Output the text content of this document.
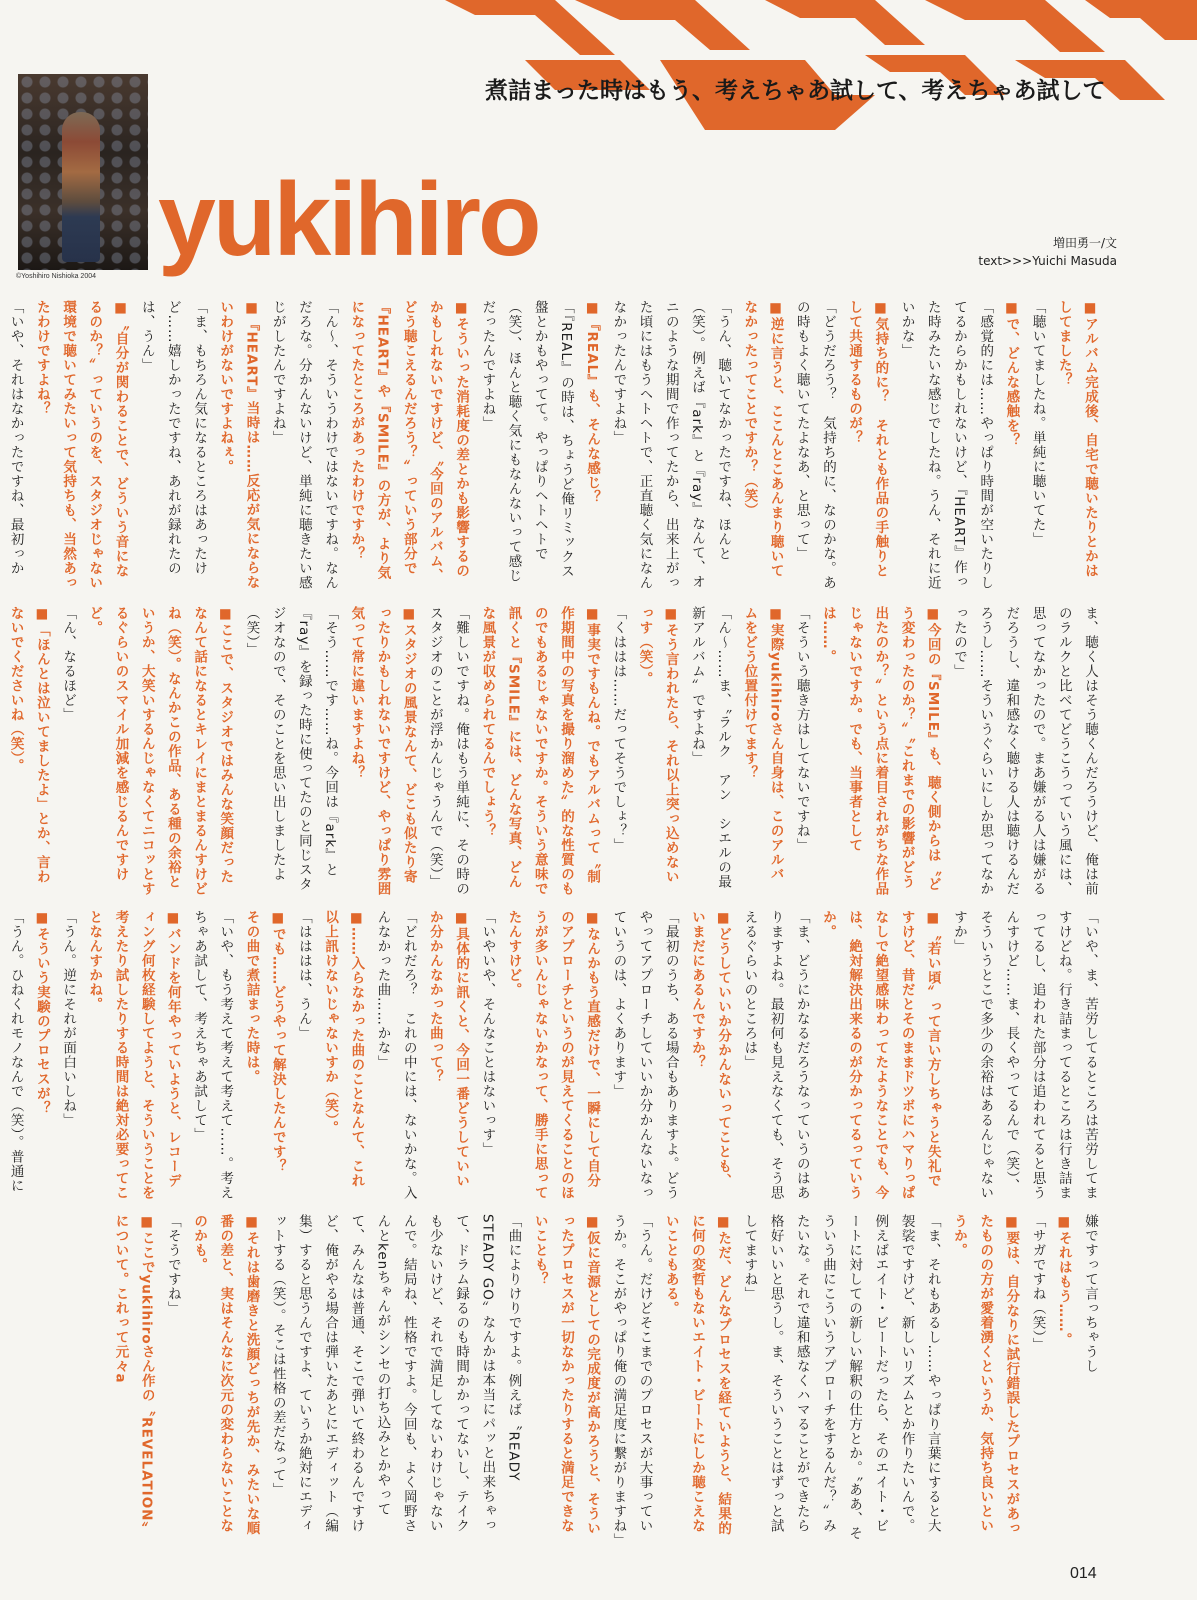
©Yoshihiro Nishioka 2004
煮詰まった時はもう、考えちゃあ試して、考えちゃあ試して
yukihiro	増田勇一/文
text>>>Yuichi Masuda

■ アルバム完成後、自宅で聴いたりとかはしてました？

「聴いてましたね。単純に聴いてた」

■ で、どんな感触を？

「感覚的には……やっぱり時間が空いたりしてるからかもしれないけど、『HEART』作った時みたいな感じでしたね。うん、それに近いかな」

■ 気持ち的に？　それとも作品の手触りとして共通するものが？

「どうだろう？　気持ち的に、なのかな。あの時もよく聴いてたよなあ、と思って」

■ 逆に言うと、ここんとこあんまり聴いてなかったってことですか？（笑）

「うん、聴いてなかったですね、ほんと（笑）。例えば『ark』と『ray』なんて、オニのような期間で作ってたから、出来上がった頃にはもうヘトヘトで、正直聴く気になんなかったんですよね」

■ 『REAL』も、そんな感じ？

「『REAL』の時は、ちょうど俺リミックス盤とかもやってて。やっぱりヘトヘトで（笑）、ほんと聴く気にもなんないって感じだったんですよね」

■ そういった消耗度の差とかも影響するのかもしれないですけど、〝今回のアルバム、どう聴こえるんだろう？〟っていう部分で『HEART』や『SMILE』の方が、より気になってたところがあったわけですか？

「ん〜、そういうわけではないですね。なんだろな。分かんないけど、単純に聴きたい感じがしたんですよね」

■ 『HEART』当時は……反応が気にならないわけがないですよねぇ。

「ま、もちろん気になるところはあったけど……嬉しかったですね、あれが録れたのは、うん」

■ 〝自分が関わることで、どういう音になるのか？〟っていうのを、スタジオじゃない環境で聴いてみたいって気持ちも、当然あったわけですよね？

「いや、それはなかったですね、最初っか

ま、聴く人はそう聴くんだろうけど、俺は前のラルクと比べてどうこうっていう風には、思ってなかったので。まあ嫌がる人は嫌がるだろうし、違和感なく聴ける人は聴けるんだろうし……そういうぐらいにしか思ってなかったので」

■ 今回の『SMILE』も、聴く側からは〝どう変わったのか？〟〝これまでの影響がどう出たのか？〟という点に着目されがちな作品じゃないですか。でも、当事者としては……。

「そういう聴き方はしてないですね」

■ 実際yukihiroさん自身は、このアルバムをどう位置付けてます？

「ん〜……ま、〝ラルク　アン　シエルの最新アルバム〟ですよね」

■ そう言われたら、それ以上突っ込めないっす（笑）。

「くははは……だってそうでしょ？」

■ 事実ですもんね。でもアルバムって〝制作期間中の写真を撮り溜めた〟的な性質のものでもあるじゃないですか。そういう意味で訊くと『SMILE』には、どんな写真、どんな風景が収められてるんでしょう？

「難しいですね。俺はもう単純に、その時のスタジオのことが浮かんじゃうんで（笑）」

■ スタジオの風景なんて、どこも似たり寄ったりかもしれないですけど、やっぱり雰囲気って常に違いますよね？

「そう……です……ね。今回は『ark』と『ray』を録った時に使ってたのと同じスタジオなので、そのことを思い出しましたよ（笑）」

■ ここで、スタジオではみんな笑顔だったなんて話になるとキレイにまとまるんすけどね（笑）。なんかこの作品、ある種の余裕というか、大笑いするんじゃなくてニコッとするぐらいのスマイル加減を感じるんですけど。

「ん、なるほど」

■ 「ほんとは泣いてましたよ」とか、言わないでくださいね（笑）。

「いや、ま、苦労してるところは苦労してますけどね。行き詰まってるところは行き詰まってるし、追われた部分は追われてると思うんすけど……ま、長くやってるんで（笑）、そういうとこで多少の余裕はあるんじゃないすか」

■ 〝若い頃〟って言い方しちゃうと失礼ですけど、昔だとそのままドツボにハマりっぱなしで絶望感味わってたようなことでも、今は、絶対解決出来るのが分かってるっていうか。

「ま、どうにかなるだろうなっていうのはありますよね。最初何も見えなくても、そう思えるぐらいのところは」

■ どうしていいか分かんないってことも、いまだにあるんですか？

「最初のうち、ある場合もありますよ。どうやってアプローチしていいか分かんないなっていうのは、よくあります」

■ なんかもう直感だけで、一瞬にして自分のアプローチというのが見えてくることのほうが多いんじゃないかなって、勝手に思ってたんすけど。

「いやいや、そんなことはないっす」

■ 具体的に訊くと、今回一番どうしていいか分かんなかった曲って？

「どれだろ？　これの中には、ないかな。入んなかった曲……かな」

■ ……入らなかった曲のことなんて、これ以上訊けないじゃないすか（笑）。

「はははは、うん」

■ でも……どうやって解決したんです？　その曲で煮詰まった時は。

「いや、もう考えて考えて考えて……。考えちゃあ試して、考えちゃあ試して」

■ バンドを何年やっていようと、レコーディング何枚経験してようと、そういうことを考えたり試したりする時間は絶対必要ってことなんすかね。

「うん。逆にそれが面白いしね」

■ そういう実験のプロセスが？

「うん。ひねくれモノなんで（笑）。普通に

嫌ですって言っちゃうし

■ それはもう……。

「サガですね（笑）」

■ 要は、自分なりに試行錯誤したプロセスがあったものの方が愛着湧くというか、気持ち良いというか。

「ま、それもあるし……やっぱり言葉にすると大袈裟ですけど、新しいリズムとか作りたいんで。例えばエイト・ビートだったら、そのエイト・ビートに対しての新しい解釈の仕方とか。〝ああ、そういう曲にこういうアプローチをするんだ？〟みたいな。それで違和感なくハマることができたら格好いいと思うし。ま、そういうことはずっと試してますね」

■ ただ、どんなプロセスを経ていようと、結果的に何の変哲もないエイト・ビートにしか聴こえないこともある。

「うん。だけどそこまでのプロセスが大事っていうか。そこがやっぱり俺の満足度に繋がりますね」

■ 仮に音源としての完成度が高かろうと、そういったプロセスが一切なかったりすると満足できないことも？

「曲によりけりですよ。例えば〝READY STEADY GO〟なんかは本当にパッと出来ちゃって、ドラム録るのも時間かかってないし、テイクも少ないけど、それで満足してないわけじゃないんで。結局ね、性格ですよ。今回も、よく岡野さんとkenちゃんがシンセの打ち込みとかやってて、みんなは普通、そこで弾いて終わるんですけど、俺がやる場合は弾いたあとにエディット（編集）すると思うんですよ、ていうか絶対にエディットする（笑）。そこは性格の差だなって」

■ それは歯磨きと洗顔どっちが先か、みたいな順番の差と、実はそんなに次元の変わらないことなのかも。

「そうですね」

■ ここでyukihiroさん作の〝REVELATION〟について。これって元々a

014
